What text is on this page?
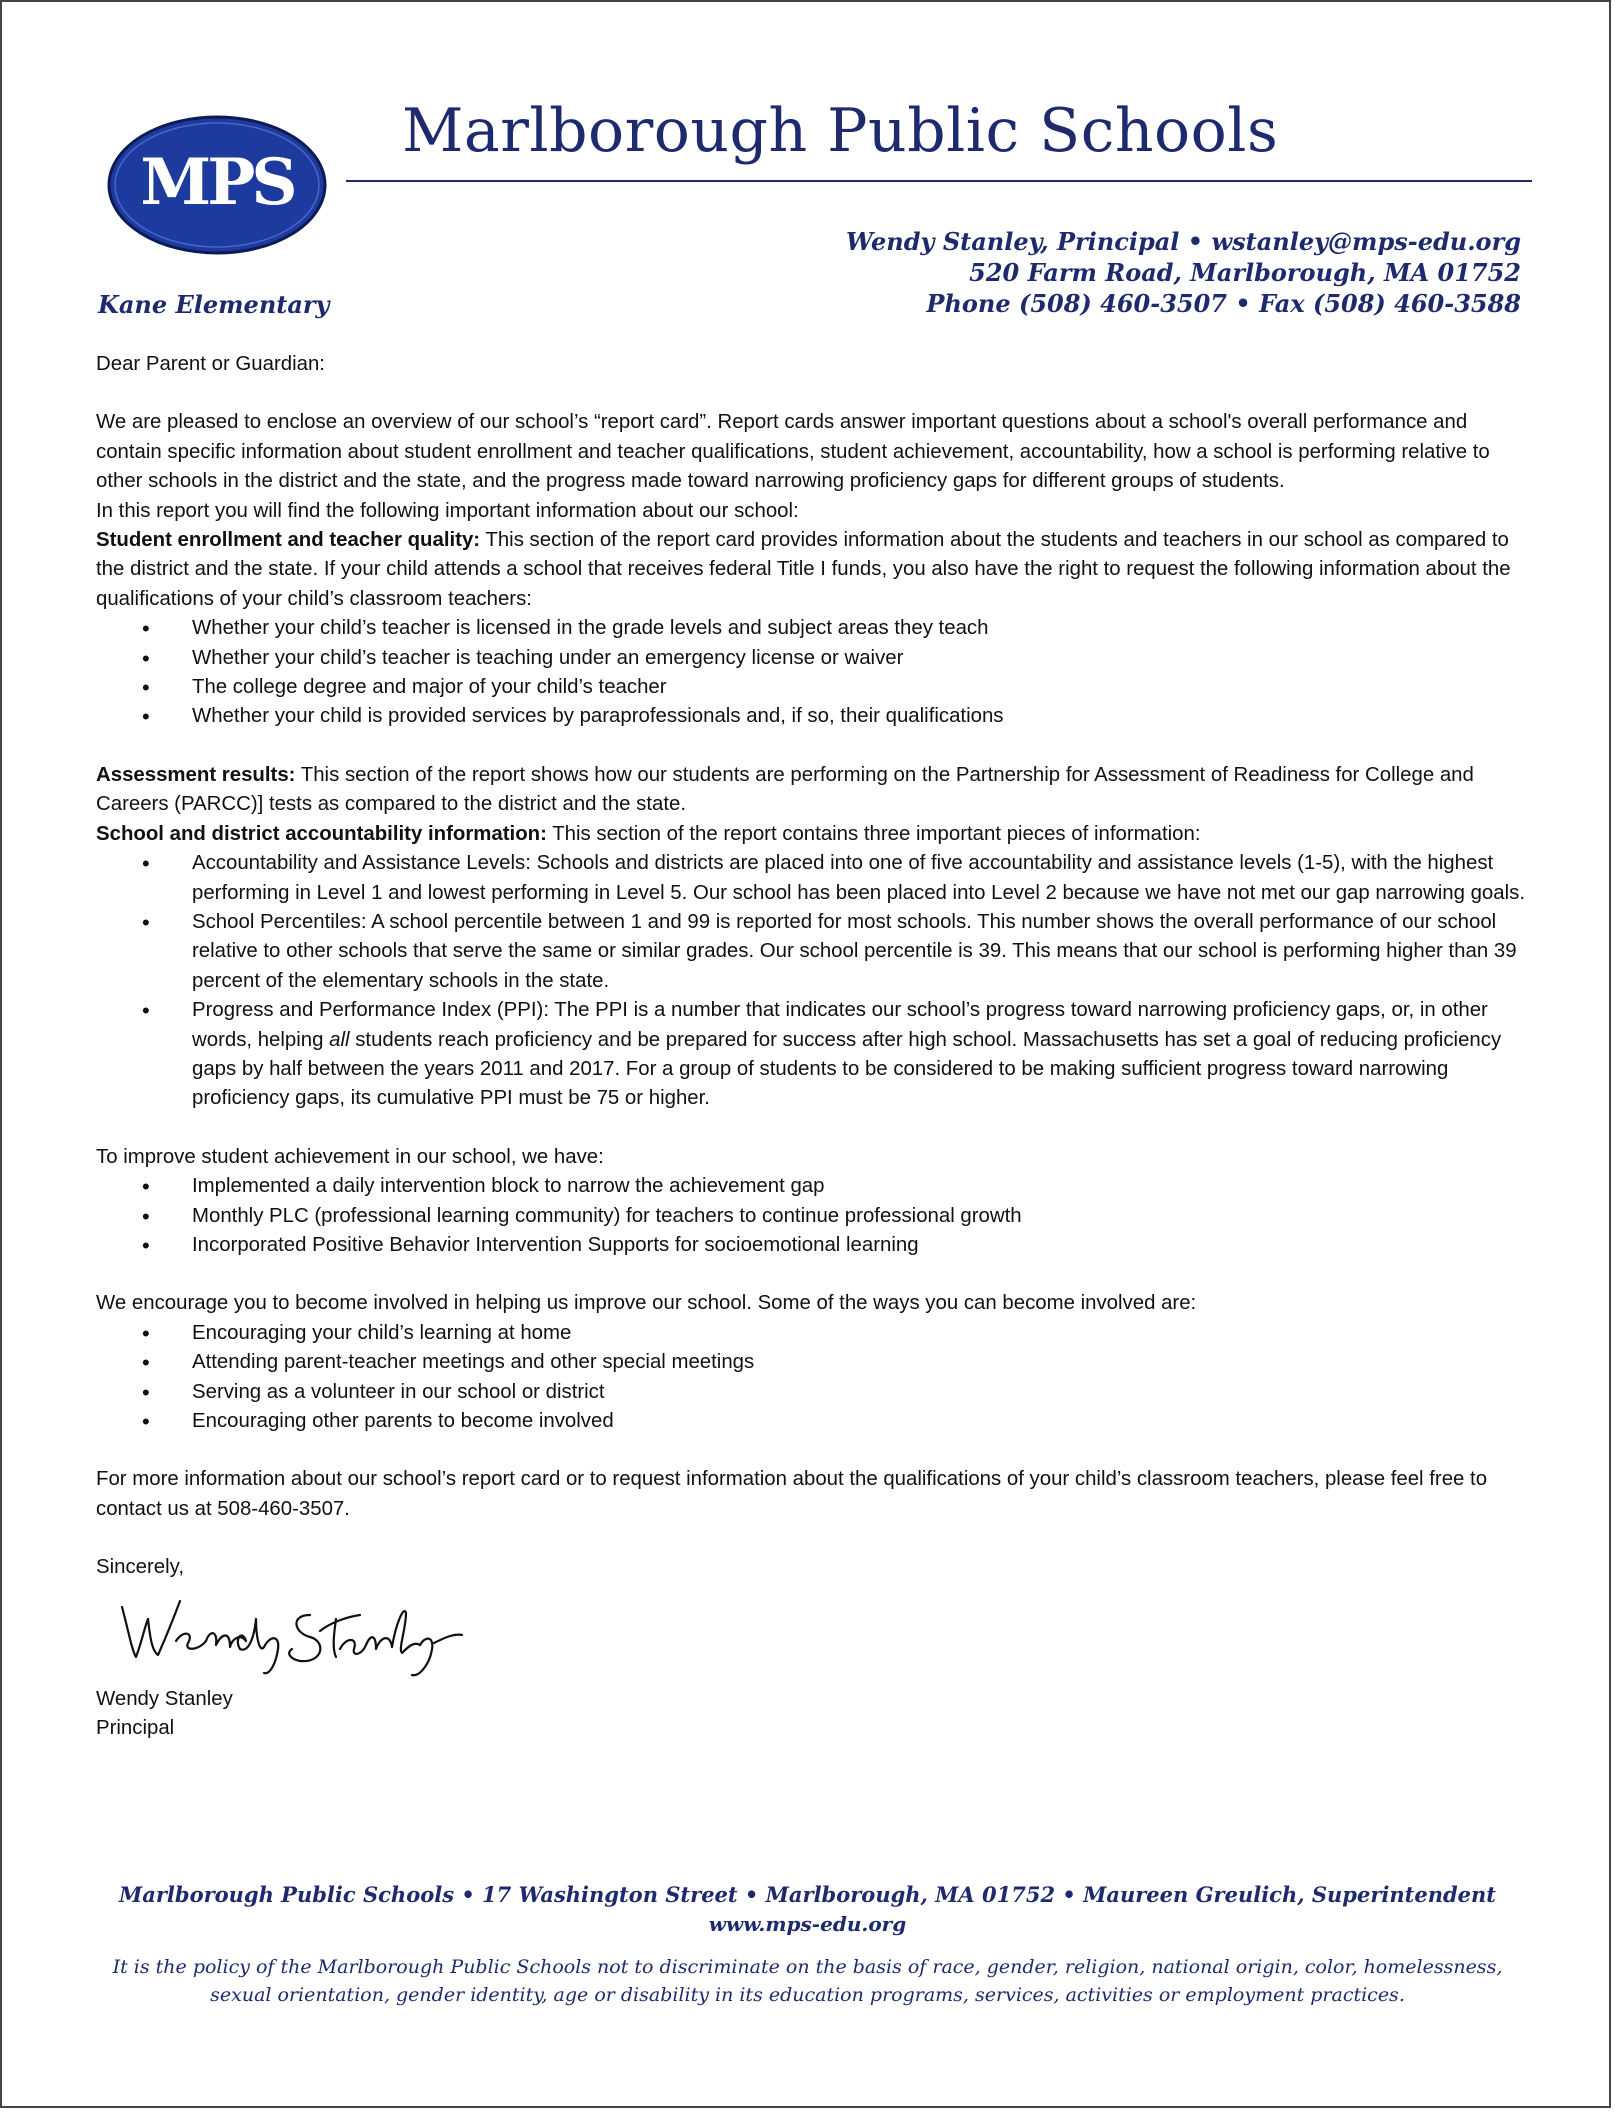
MPS
Marlborough Public Schools
Wendy Stanley, Principal • wstanley@mps-edu.org
520 Farm Road, Marlborough, MA 01752
Phone (508) 460-3507 • Fax (508) 460-3588
Kane Elementary

Dear Parent or Guardian:

We are pleased to enclose an overview of our school’s “report card”. Report cards answer important questions about a school's overall performance and contain specific information about student enrollment and teacher qualifications, student achievement, accountability, how a school is performing relative to other schools in the district and the state, and the progress made toward narrowing proficiency gaps for different groups of students.

In this report you will find the following important information about our school:

Student enrollment and teacher quality: This section of the report card provides information about the students and teachers in our school as compared to the district and the state. If your child attends a school that receives federal Title I funds, you also have the right to request the following information about the qualifications of your child’s classroom teachers:

• Whether your child’s teacher is licensed in the grade levels and subject areas they teach
• Whether your child’s teacher is teaching under an emergency license or waiver
• The college degree and major of your child’s teacher
• Whether your child is provided services by paraprofessionals and, if so, their qualifications

Assessment results: This section of the report shows how our students are performing on the Partnership for Assessment of Readiness for College and Careers (PARCC)] tests as compared to the district and the state.

School and district accountability information: This section of the report contains three important pieces of information:

• Accountability and Assistance Levels: Schools and districts are placed into one of five accountability and assistance levels (1-5), with the highest performing in Level 1 and lowest performing in Level 5. Our school has been placed into Level 2 because we have not met our gap narrowing goals.
• School Percentiles: A school percentile between 1 and 99 is reported for most schools. This number shows the overall performance of our school relative to other schools that serve the same or similar grades. Our school percentile is 39. This means that our school is performing higher than 39 percent of the elementary schools in the state.
• Progress and Performance Index (PPI): The PPI is a number that indicates our school’s progress toward narrowing proficiency gaps, or, in other words, helping all students reach proficiency and be prepared for success after high school. Massachusetts has set a goal of reducing proficiency gaps by half between the years 2011 and 2017. For a group of students to be considered to be making sufficient progress toward narrowing proficiency gaps, its cumulative PPI must be 75 or higher.

To improve student achievement in our school, we have:

• Implemented a daily intervention block to narrow the achievement gap
• Monthly PLC (professional learning community) for teachers to continue professional growth
• Incorporated Positive Behavior Intervention Supports for socioemotional learning

We encourage you to become involved in helping us improve our school. Some of the ways you can become involved are:

• Encouraging your child’s learning at home
• Attending parent-teacher meetings and other special meetings
• Serving as a volunteer in our school or district
• Encouraging other parents to become involved

For more information about our school’s report card or to request information about the qualifications of your child’s classroom teachers, please feel free to contact us at 508-460-3507.

Sincerely,

Wendy Stanley

Principal

Marlborough Public Schools • 17 Washington Street • Marlborough, MA 01752 • Maureen Greulich, Superintendent
www.mps-edu.org
It is the policy of the Marlborough Public Schools not to discriminate on the basis of race, gender, religion, national origin, color, homelessness, sexual orientation, gender identity, age or disability in its education programs, services, activities or employment practices.
